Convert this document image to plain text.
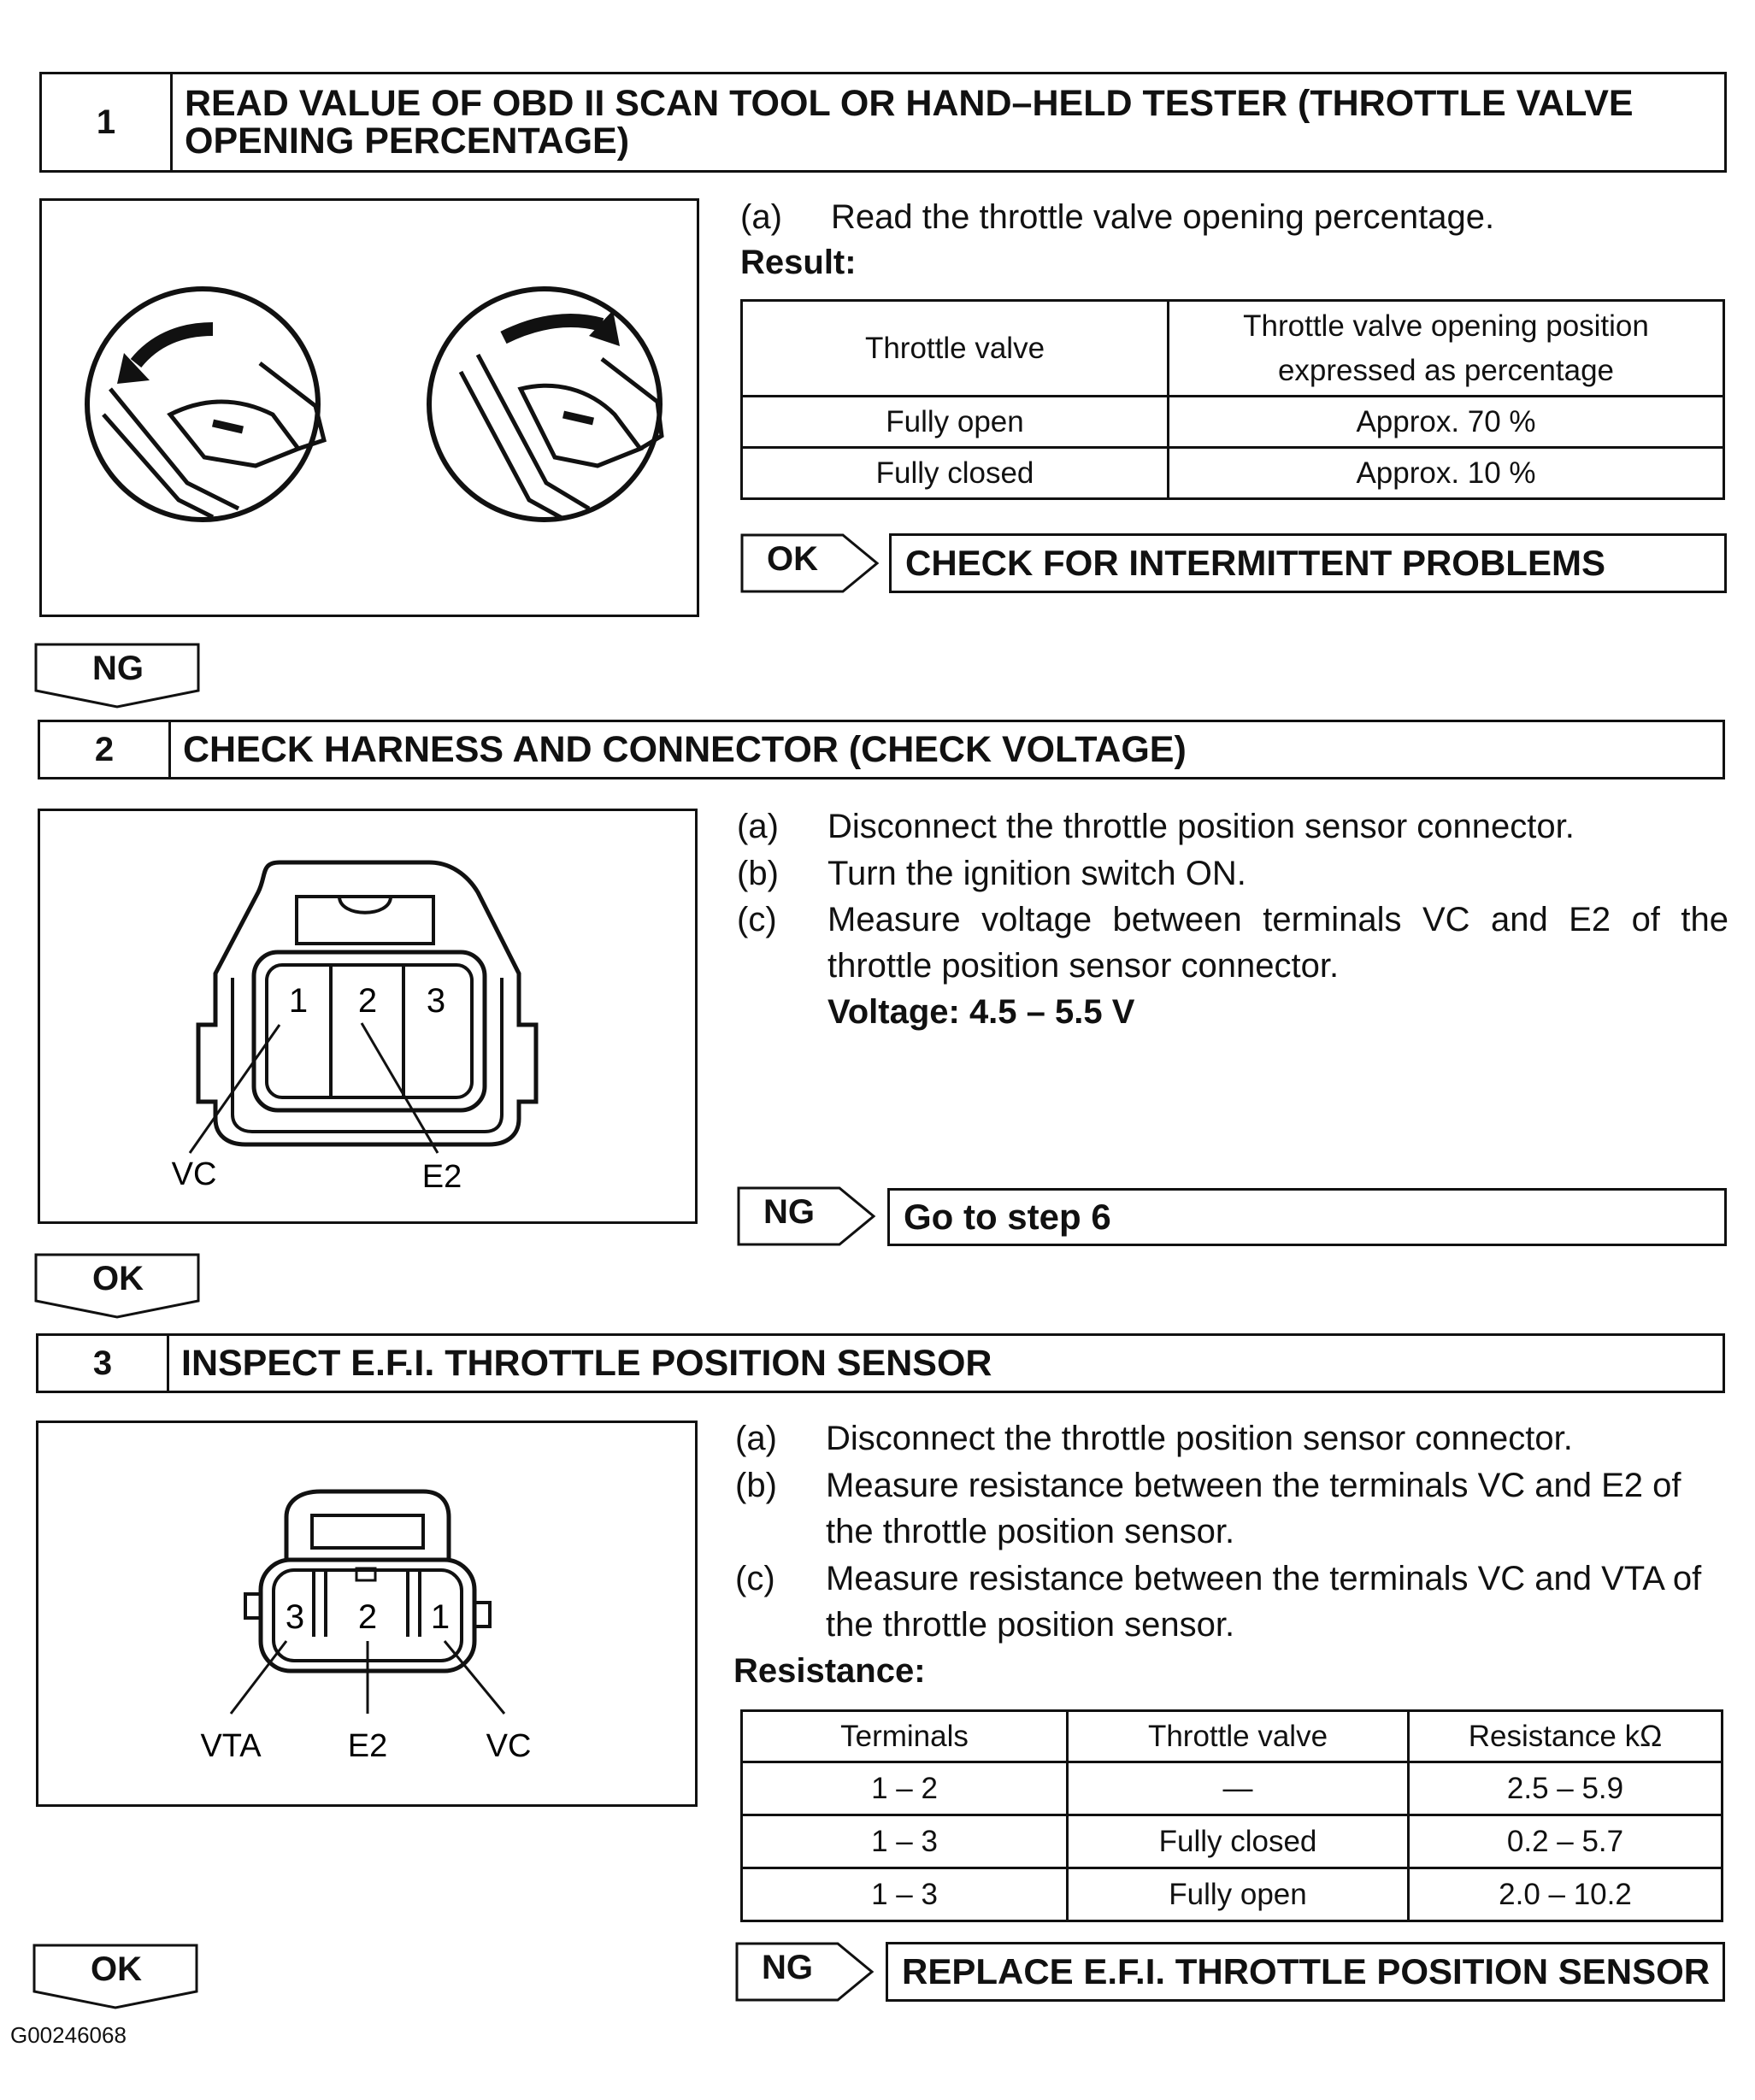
1	READ VALUE OF OBD II SCAN TOOL OR HAND–HELD TESTER (THROTTLE VALVE OPENING PERCENTAGE)
(a) Read the throttle valve opening percentage.
Result:
Throttle valve	Throttle valve opening position expressed as percentage
Fully open	Approx. 70 %
Fully closed	Approx. 10 %
OK	CHECK FOR INTERMITTENT PROBLEMS
NG
2	CHECK HARNESS AND CONNECTOR (CHECK VOLTAGE)
1 2 3
VC	E2
(a) Disconnect the throttle position sensor connector.
(b) Turn the ignition switch ON.
(c)	Measure voltage between terminals VC and E2 of the throttle position sensor connector.
Voltage: 4.5 – 5.5 V
NG	Go to step 6
OK
3	INSPECT E.F.I. THROTTLE POSITION SENSOR
3 2 1
VTA	E2	VC
(a) Disconnect the throttle position sensor connector.
(b)	Measure resistance between the terminals VC and E2 of the throttle position sensor.
(c)	Measure resistance between the terminals VC and VTA of the throttle position sensor.
Resistance:
Terminals	Throttle valve	Resistance kΩ
1 – 2	—	2.5 – 5.9
1 – 3	Fully closed	0.2 – 5.7
1 – 3	Fully open	2.0 – 10.2
NG	REPLACE E.F.I. THROTTLE POSITION SENSOR
OK
G00246068
